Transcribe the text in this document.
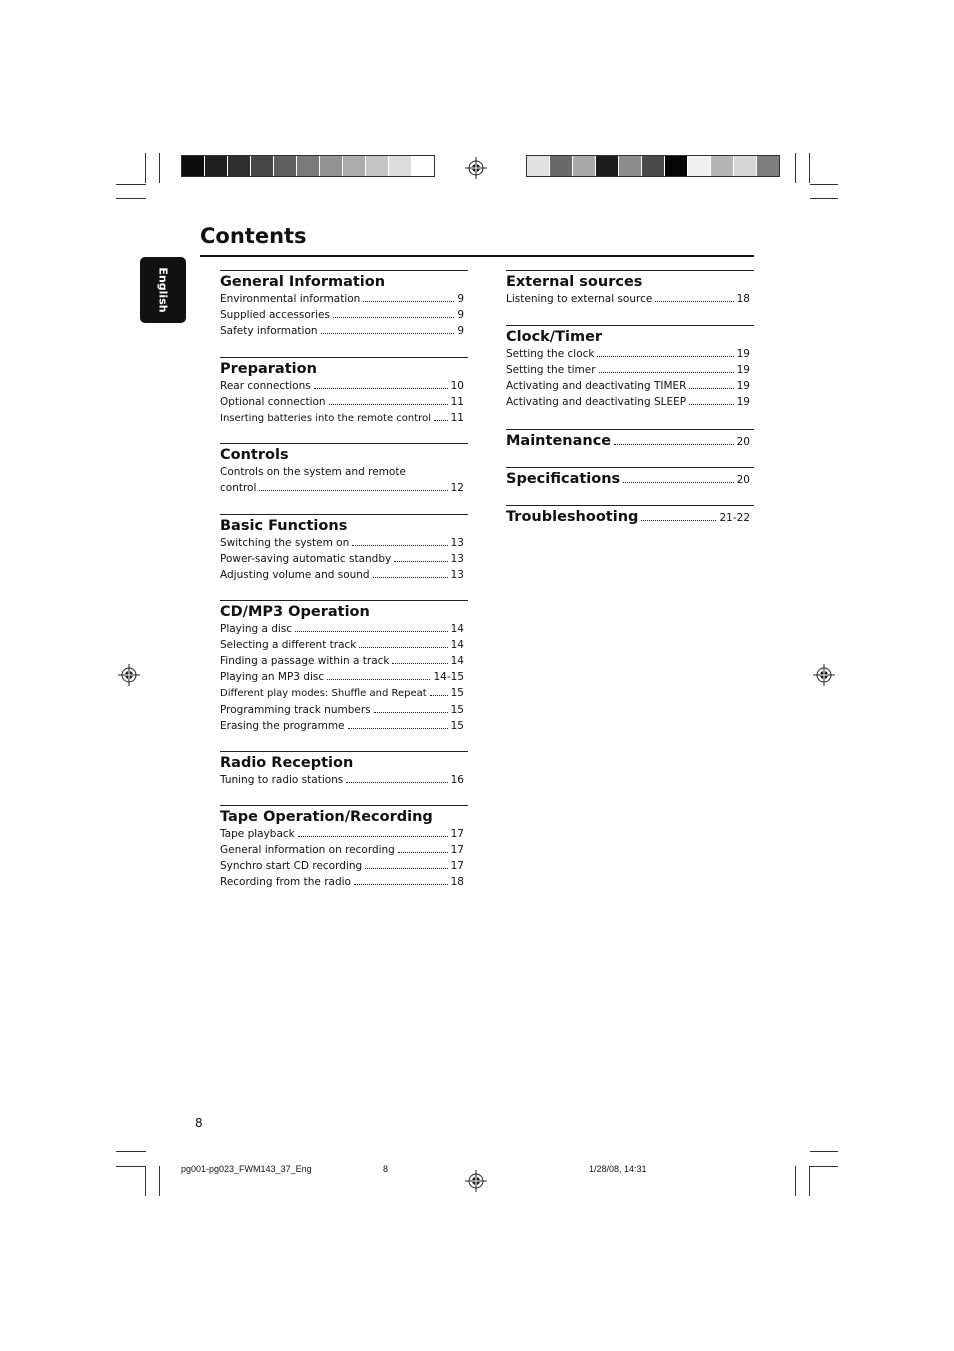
Contents
English	General Information
Environmental information	9
Supplied accessories	9
Safety information	9
Preparation
Rear connections	10
Optional connection	11
Inserting batteries into the remote control 11
Controls
Controls on the system and remote
control	12
Basic Functions
Switching the system on	13
Power-saving automatic standby	13
Adjusting volume and sound	13
CD/MP3 Operation
Playing a disc	14
Selecting a different track	14
Finding a passage within a track	14
Playing an MP3 disc	14-15
Different play modes: Shuffle and Repeat 15
Programming track numbers	15
Erasing the programme	15
Radio Reception
Tuning to radio stations	16
Tape Operation/Recording
Tape playback	17
General information on recording	17
Synchro start CD recording	17
Recording from the radio	18
External sources
Listening to external source	18
Clock/Timer
Setting the clock	19
Setting the timer	19
Activating and deactivating TIMER	19
Activating and deactivating SLEEP	19
Maintenance	20
Specifications	20
Troubleshooting	21-22
8
pg001-pg023_FWM143_37_Eng	8	1/28/08, 14:31
